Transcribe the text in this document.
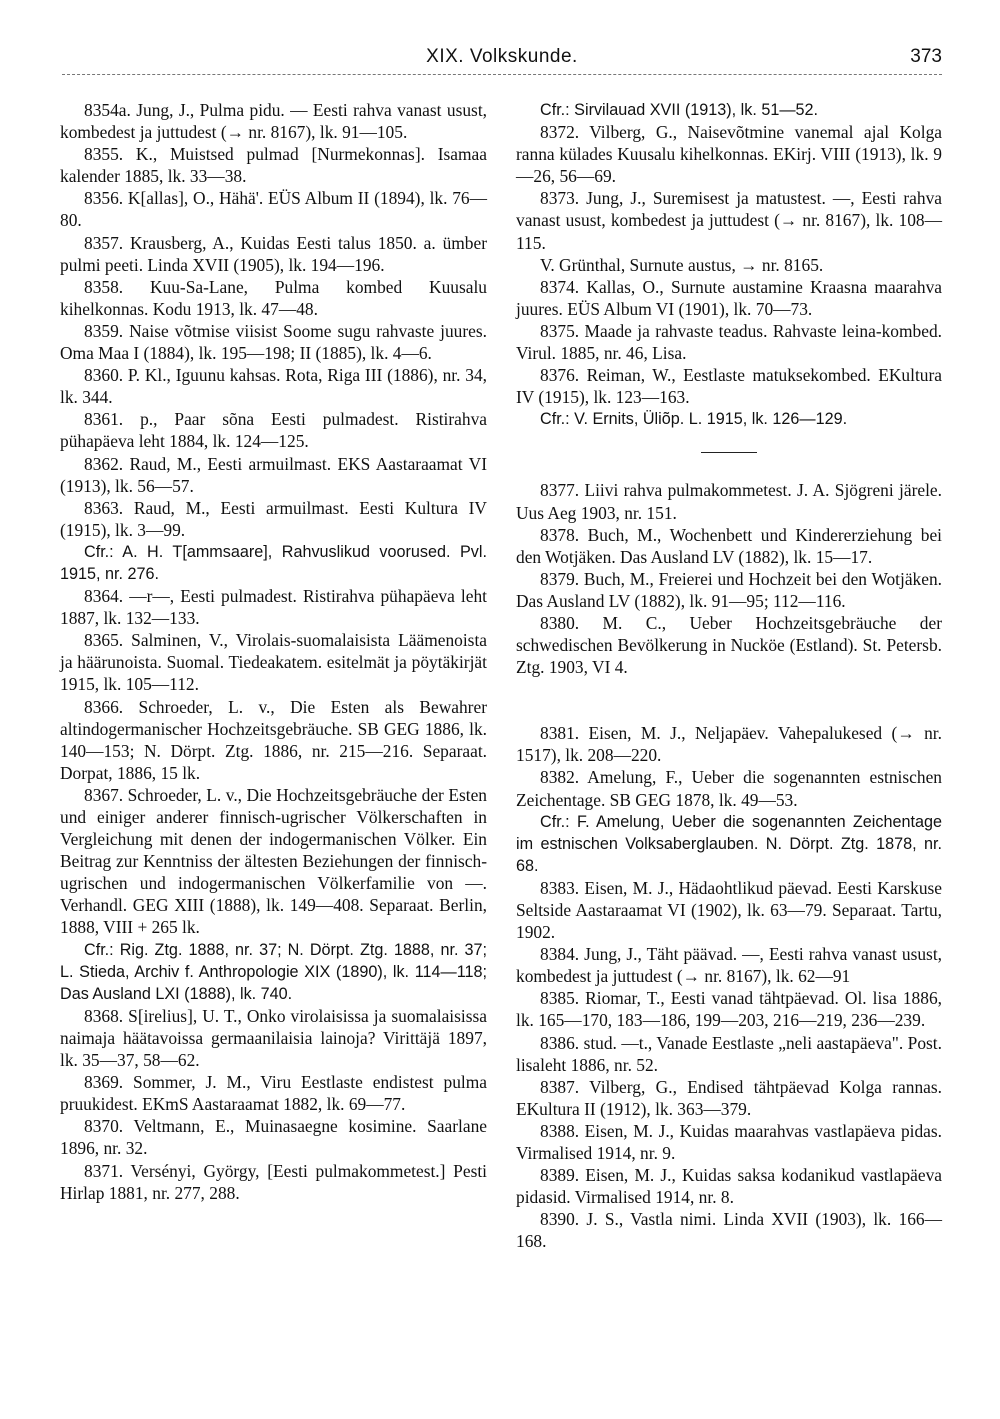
XIX. Volkskunde.	373

8354a. Jung, J., Pulma pidu. — Eesti rahva vanast usust, kombedest ja juttudest (→ nr. 8167), lk. 91—105.

8355. K., Muistsed pulmad [Nurmekonnas]. Isamaa kalender 1885, lk. 33—38.

8356. K[allas], O., Hähä'. EÜS Album II (1894), lk. 76—80.

8357. Krausberg, A., Kuidas Eesti talus 1850. a. ümber pulmi peeti. Linda XVII (1905), lk. 194—196.

8358. Kuu-Sa-Lane, Pulma kombed Kuusalu kihelkonnas. Kodu 1913, lk. 47—48.

8359. Naise võtmise viisist Soome sugu rahvaste juures. Oma Maa I (1884), lk. 195—198; II (1885), lk. 4—6.

8360. P. Kl., Iguunu kahsas. Rota, Riga III (1886), nr. 34, lk. 344.

8361. p., Paar sõna Eesti pulmadest. Ristirahva pühapäeva leht 1884, lk. 124—125.

8362. Raud, M., Eesti armuilmast. EKS Aastaraamat VI (1913), lk. 56—57.

8363. Raud, M., Eesti armuilmast. Eesti Kultura IV (1915), lk. 3—99.

Cfr.: A. H. T[ammsaare], Rahvuslikud voorused. Pvl. 1915, nr. 276.

8364. —r—, Eesti pulmadest. Ristirahva pühapäeva leht 1887, lk. 132—133.

8365. Salminen, V., Virolais-suomalaisista Läämenoista ja häärunoista. Suomal. Tiedeakatem. esitelmät ja pöytäkirjät 1915, lk. 105—112.

8366. Schroeder, L. v., Die Esten als Bewahrer altindogermanischer Hochzeitsgebräuche. SB GEG 1886, lk. 140—153; N. Dörpt. Ztg. 1886, nr. 215—216. Separaat. Dorpat, 1886, 15 lk.

8367. Schroeder, L. v., Die Hochzeitsgebräuche der Esten und einiger anderer finnisch-ugrischer Völkerschaften in Vergleichung mit denen der indogermanischen Völker. Ein Beitrag zur Kenntniss der ältesten Beziehungen der finnisch-ugrischen und indogermanischen Völkerfamilie von —. Verhandl. GEG XIII (1888), lk. 149—408. Separaat. Berlin, 1888, VIII + 265 lk.

Cfr.: Rig. Ztg. 1888, nr. 37; N. Dörpt. Ztg. 1888, nr. 37; L. Stieda, Archiv f. Anthropologie XIX (1890), lk. 114—118; Das Ausland LXI (1888), lk. 740.

8368. S[irelius], U. T., Onko virolaisissa ja suomalaisissa naimaja häätavoissa germaanilaisia lainoja? Virittäjä 1897, lk. 35—37, 58—62.

8369. Sommer, J. M., Viru Eestlaste endistest pulma pruukidest. EKmS Aastaraamat 1882, lk. 69—77.

8370. Veltmann, E., Muinasaegne kosimine. Saarlane 1896, nr. 32.

8371. Versényi, György, [Eesti pulmakommetest.] Pesti Hirlap 1881, nr. 277, 288.

Cfr.: Sirvilauad XVII (1913), lk. 51—52.

8372. Vilberg, G., Naisevõtmine vanemal ajal Kolga ranna külades Kuusalu kihelkonnas. EKirj. VIII (1913), lk. 9—26, 56—69.

8373. Jung, J., Suremisest ja matustest. —, Eesti rahva vanast usust, kombedest ja juttudest (→ nr. 8167), lk. 108—115.

V. Grünthal, Surnute austus, → nr. 8165.

8374. Kallas, O., Surnute austamine Kraasna maarahva juures. EÜS Album VI (1901), lk. 70—73.

8375. Maade ja rahvaste teadus. Rahvaste leina-kombed. Virul. 1885, nr. 46, Lisa.

8376. Reiman, W., Eestlaste matuksekombed. EKultura IV (1915), lk. 123—163.

Cfr.: V. Ernits, Üliõp. L. 1915, lk. 126—129.

8377. Liivi rahva pulmakommetest. J. A. Sjögreni järele. Uus Aeg 1903, nr. 151.

8378. Buch, M., Wochenbett und Kindererziehung bei den Wotjäken. Das Ausland LV (1882), lk. 15—17.

8379. Buch, M., Freierei und Hochzeit bei den Wotjäken. Das Ausland LV (1882), lk. 91—95; 112—116.

8380. M. C., Ueber Hochzeitsgebräuche der schwedischen Bevölkerung in Nucköe (Estland). St. Petersb. Ztg. 1903, VI 4.

8381. Eisen, M. J., Neljapäev. Vahepalukesed (→ nr. 1517), lk. 208—220.

8382. Amelung, F., Ueber die sogenannten estnischen Zeichentage. SB GEG 1878, lk. 49—53.

Cfr.: F. Amelung, Ueber die sogenannten Zeichentage im estnischen Volksaberglauben. N. Dörpt. Ztg. 1878, nr. 68.

8383. Eisen, M. J., Hädaohtlikud päevad. Eesti Karskuse Seltside Aastaraamat VI (1902), lk. 63—79. Separaat. Tartu, 1902.

8384. Jung, J., Täht päävad. —, Eesti rahva vanast usust, kombedest ja juttudest (→ nr. 8167), lk. 62—91

8385. Riomar, T., Eesti vanad tähtpäevad. Ol. lisa 1886, lk. 165—170, 183—186, 199—203, 216—219, 236—239.

8386. stud. —t., Vanade Eestlaste „neli aastapäeva". Post. lisaleht 1886, nr. 52.

8387. Vilberg, G., Endised tähtpäevad Kolga rannas. EKultura II (1912), lk. 363—379.

8388. Eisen, M. J., Kuidas maarahvas vastlapäeva pidas. Virmalised 1914, nr. 9.

8389. Eisen, M. J., Kuidas saksa kodanikud vastlapäeva pidasid. Virmalised 1914, nr. 8.

8390. J. S., Vastla nimi. Linda XVII (1903), lk. 166—168.
